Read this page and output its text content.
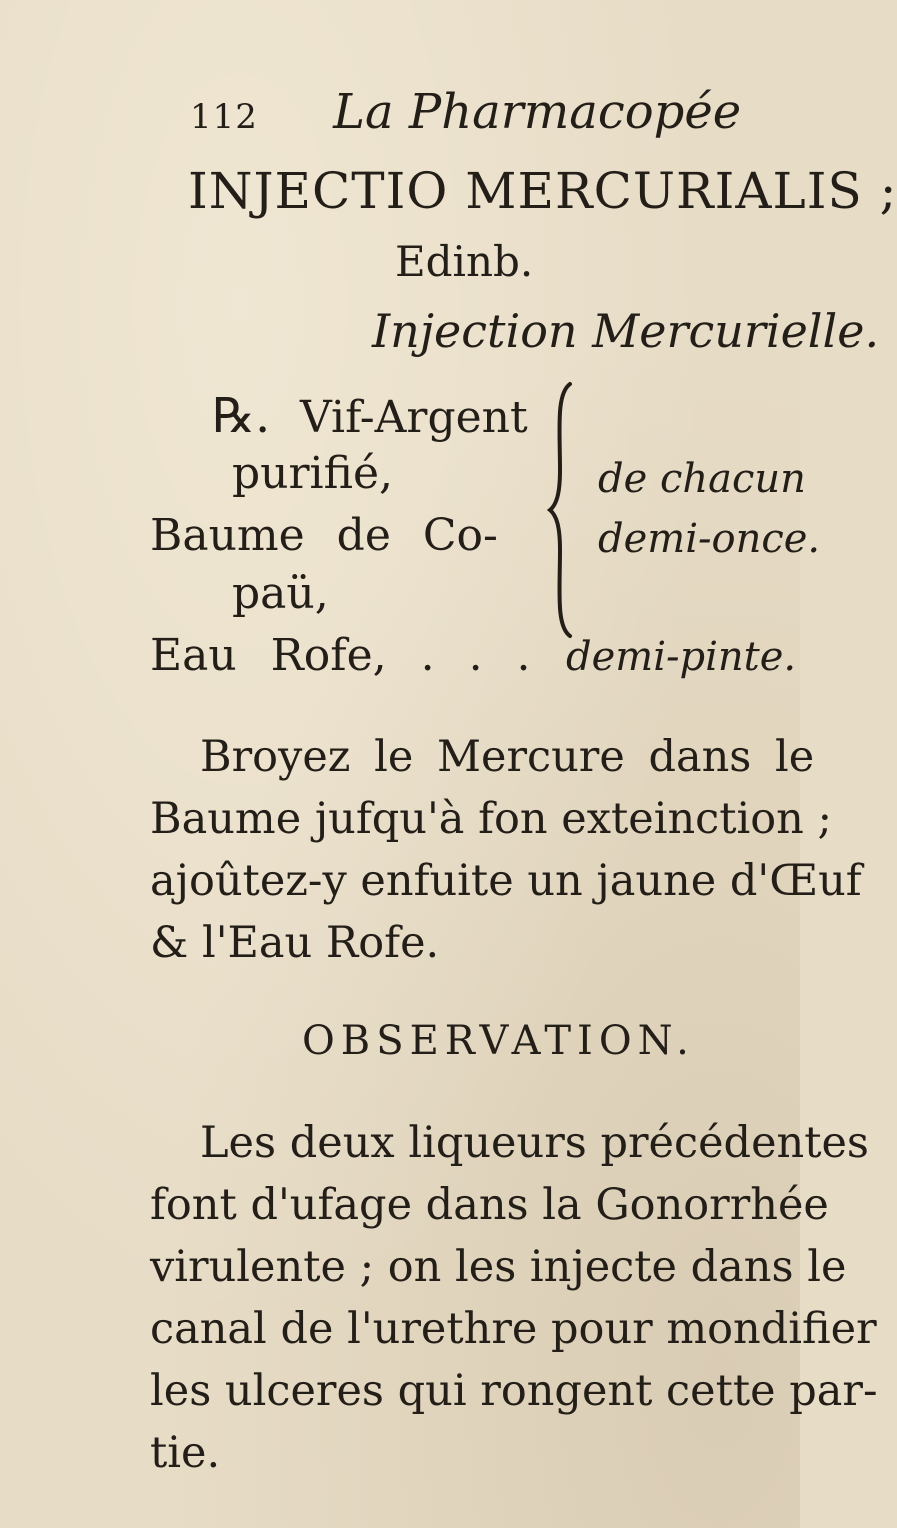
112 La Pharmacopée
INJECTIO MERCURIALIS ;
Edinb.
Injection Mercurielle.
℞. Vif-Argent
purifié,
Baume de Co-
paü,
Eau Rofe, . . .
de chacun
demi-once.
demi-pinte.
Broyez le Mercure dans le
Baume jufqu'à fon exteinction ;
ajoûtez-y enfuite un jaune d'Œuf
& l'Eau Rofe.
OBSERVATION.
Les deux liqueurs précédentes
font d'ufage dans la Gonorrhée
virulente ; on les injecte dans le
canal de l'urethre pour mondifier
les ulceres qui rongent cette par-
tie.
